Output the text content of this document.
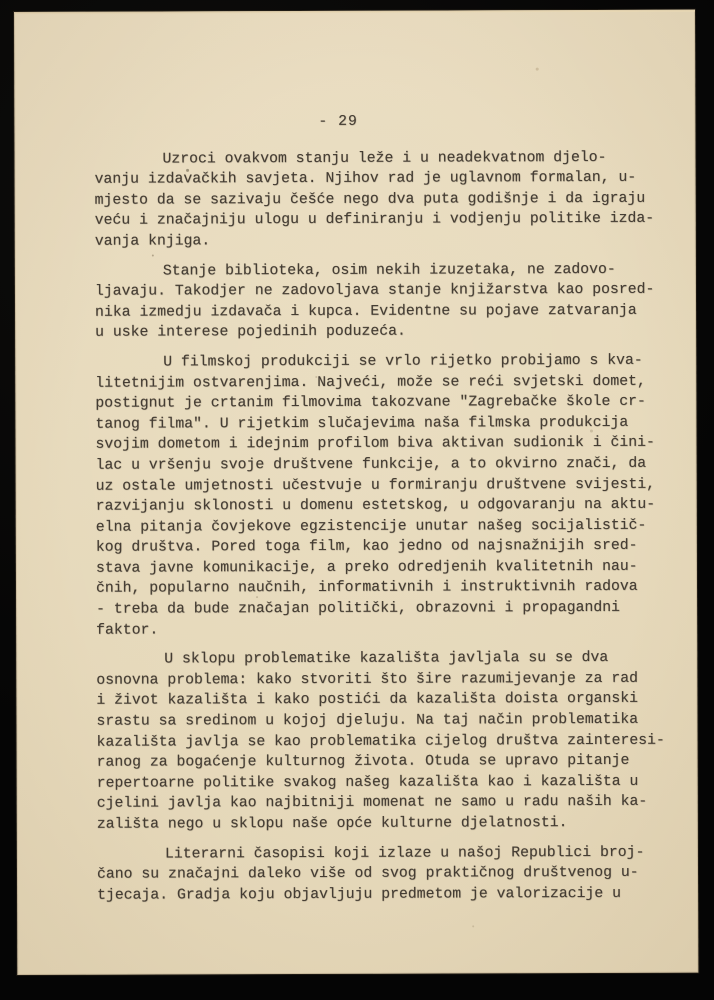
- 29
Uzroci ovakvom stanju leže i u neadekvatnom djelo-
vanju izdavačkih savjeta. Njihov rad je uglavnom formalan, u-
mjesto da se sazivaju češće nego dva puta godišnje i da igraju
veću i značajniju ulogu u definiranju i vodjenju politike izda-
vanja knjiga.
Stanje biblioteka, osim nekih izuzetaka, ne zadovo-
ljavaju. Takodjer ne zadovoljava stanje knjižarstva kao posred-
nika izmedju izdavača i kupca. Evidentne su pojave zatvaranja
u uske interese pojedinih poduzeća.
U filmskoj produkciji se vrlo rijetko probijamo s kva-
litetnijim ostvarenjima. Najveći, može se reći svjetski domet,
postignut je crtanim filmovima takozvane "Zagrebačke škole cr-
tanog filma". U rijetkim slučajevima naša filmska produkcija
svojim dometom i idejnim profilom biva aktivan sudionik i čini-
lac u vršenju svoje društvene funkcije, a to okvirno znači, da
uz ostale umjetnosti učestvuje u formiranju društvene svijesti,
razvijanju sklonosti u domenu estetskog, u odgovaranju na aktu-
elna pitanja čovjekove egzistencije unutar našeg socijalistič-
kog društva. Pored toga film, kao jedno od najsnažnijih sred-
stava javne komunikacije, a preko odredjenih kvalitetnih nau-
čnih, popularno naučnih, informativnih i instruktivnih radova
- treba da bude značajan politički, obrazovni i propagandni
faktor.
U sklopu problematike kazališta javljala su se dva
osnovna problema: kako stvoriti što šire razumijevanje za rad
i život kazališta i kako postići da kazališta doista organski
srastu sa sredinom u kojoj djeluju. Na taj način problematika
kazališta javlja se kao problematika cijelog društva zainteresi-
ranog za bogaćenje kulturnog života. Otuda se upravo pitanje
repertoarne politike svakog našeg kazališta kao i kazališta u
cjelini javlja kao najbitniji momenat ne samo u radu naših ka-
zališta nego u sklopu naše opće kulturne djelatnosti.
Literarni časopisi koji izlaze u našoj Republici broj-
čano su značajni daleko više od svog praktičnog društvenog u-
tjecaja. Gradja koju objavljuju predmetom je valorizacije u
